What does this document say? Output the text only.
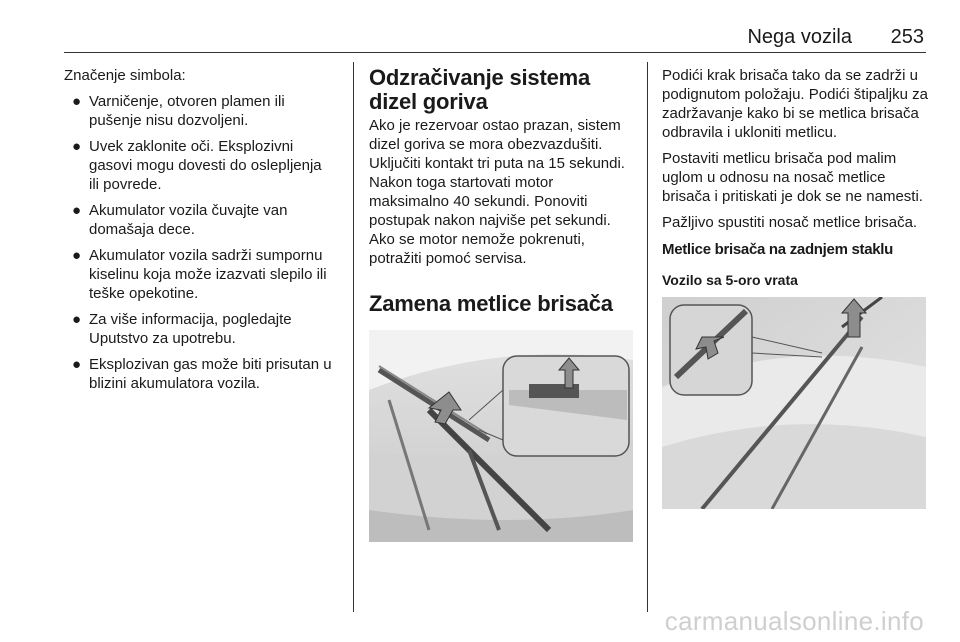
Nega vozila 253

Značenje simbola:

● Varničenje, otvoren plamen ili pušenje nisu dozvoljeni.
● Uvek zaklonite oči. Eksplozivni gasovi mogu dovesti do oslepljenja ili povrede.
● Akumulator vozila čuvajte van domašaja dece.
● Akumulator vozila sadrži sumpornu kiselinu koja može izazvati slepilo ili teške opekotine.
● Za više informacija, pogledajte Uputstvo za upotrebu.
● Eksplozivan gas može biti prisutan u blizini akumulatora vozila.
Odzračivanje sistema dizel goriva

Ako je rezervoar ostao prazan, sistem dizel goriva se mora obezvazdušiti. Uključiti kontakt tri puta na 15 sekundi. Nakon toga startovati motor maksimalno 40 sekundi. Ponoviti postupak nakon najviše pet sekundi. Ako se motor nemože pokrenuti, potražiti pomoć servisa.

Zamena metlice brisača

Podići krak brisača tako da se zadrži u podignutom položaju. Podići štipaljku za zadržavanje kako bi se metlica brisača odbravila i ukloniti metlicu.

Postaviti metlicu brisača pod malim uglom u odnosu na nosač metlice brisača i pritiskati je dok se ne namesti.

Pažljivo spustiti nosač metlice brisača.

Metlice brisača na zadnjem staklu
Vozilo sa 5-oro vrata
carmanualsonline.info
